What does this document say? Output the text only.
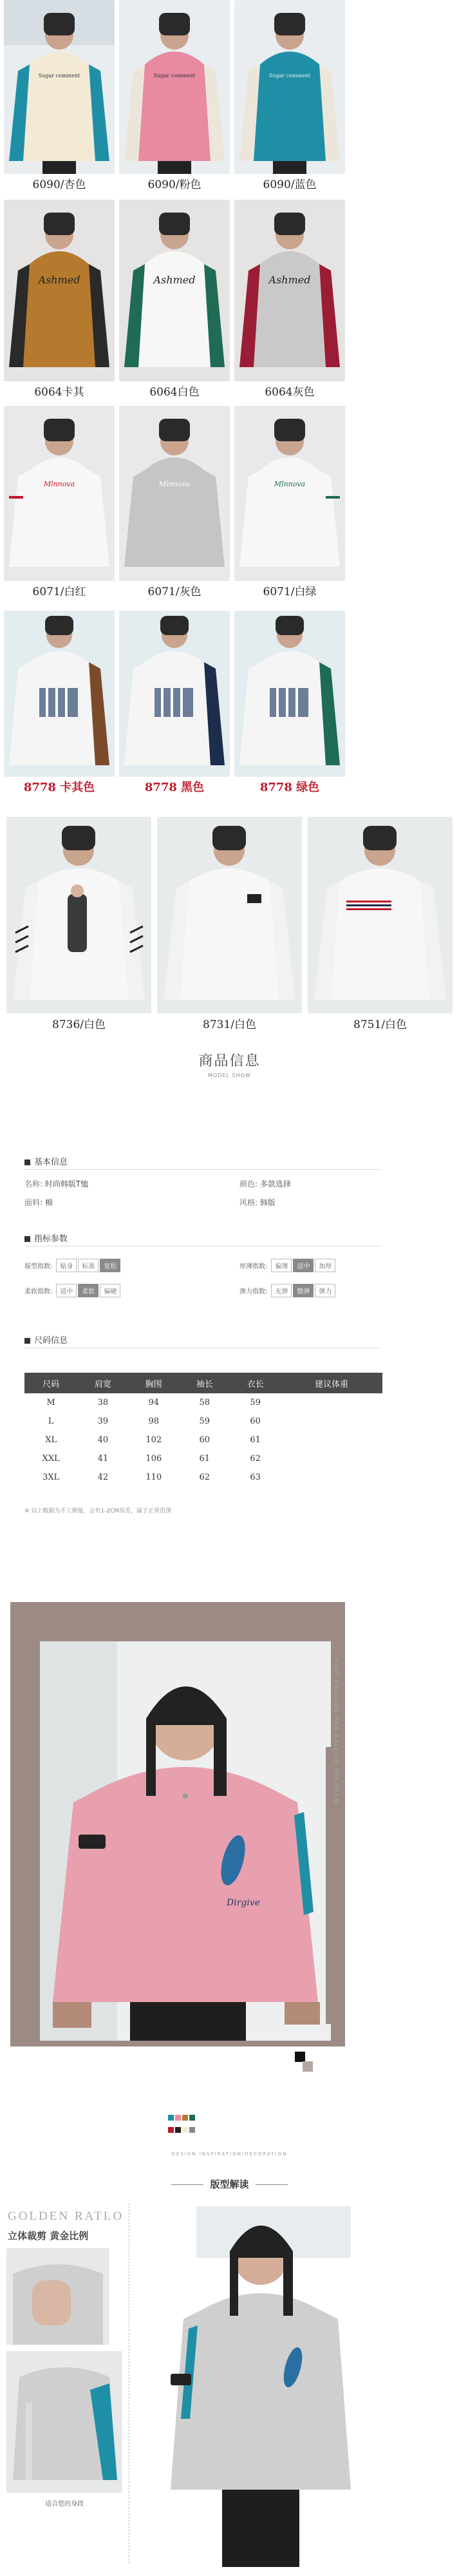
Sugar comment
6090/杏色
Sugar comment
6090/粉色
Sugar comment
6090/蓝色
Ashmed
6064卡其
Ashmed
6064白色
Ashmed
6064灰色
Mlnnova
6071/白红
Mlnnova
6071/灰色
Mlnnova
6071/白绿
8778 卡其色	8778 黑色	8778 绿色
8736/白色	8731/白色	8751/白色
商品信息
MODEL SHOW
基本信息
名称: 时尚韩版T恤	颜色: 多款选择
面料: 棉	风格: 韩版
指标参数
版型指数: 贴身 标准 宽松	厚薄指数: 偏薄 适中 加厚
柔软指数: 适中 柔软 偏硬	弹力指数: 无弹 微弹 弹力
尺码信息
尺码	肩宽	胸围	袖长	衣长	建议体重
M	38	94	58	59	
L	39	98	59	60	
XL	40	102	60	61	
XXL	41	106	61	62	
3XL	42	110	62	63	
※ 以上数据为手工测量，会有1-2CM误差，属于正常范围
Dirgive
THAT FOLLOWS THE CALL OF THE TEAM

DESIGN INSPIRATION/DECORATION
版型解读
GOLDEN RATLO
立体裁剪 黄金比例
适合您的身段
